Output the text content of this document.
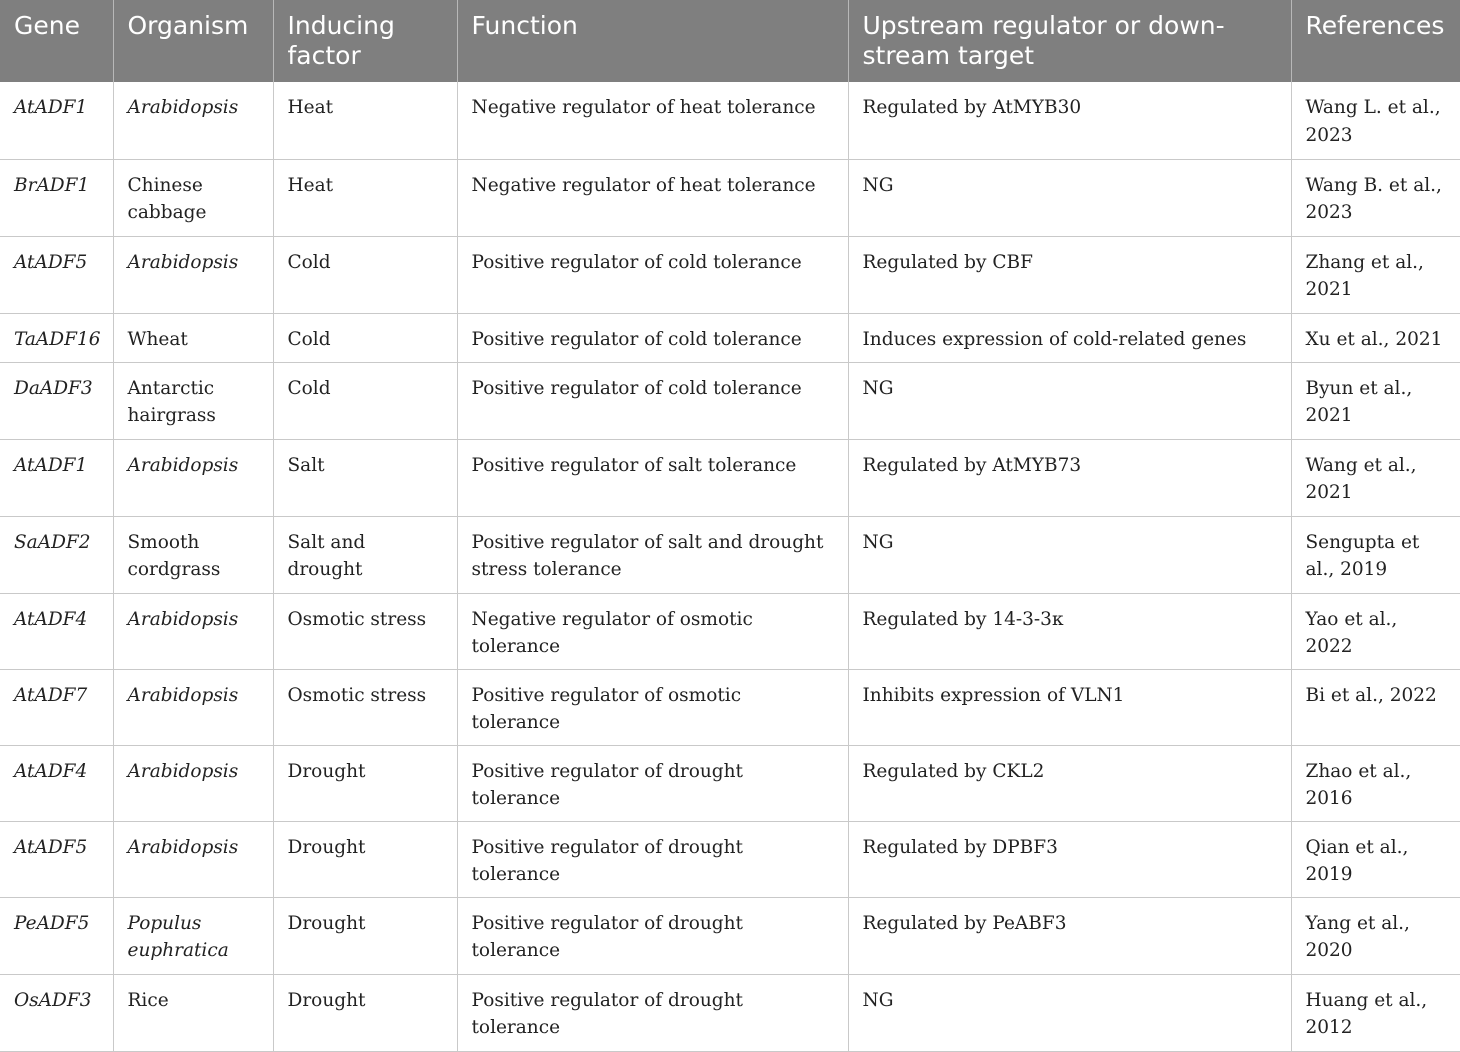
Gene	Organism	Inducing factor	Function	Upstream regulator or down-stream target	References
AtADF1	Arabidopsis	Heat	Negative regulator of heat tolerance	Regulated by AtMYB30	Wang L. et al., 2023
BrADF1	Chinese cabbage	Heat	Negative regulator of heat tolerance	NG	Wang B. et al., 2023
AtADF5	Arabidopsis	Cold	Positive regulator of cold tolerance	Regulated by CBF	Zhang et al., 2021
TaADF16	Wheat	Cold	Positive regulator of cold tolerance	Induces expression of cold-related genes	Xu et al., 2021
DaADF3	Antarctic hairgrass	Cold	Positive regulator of cold tolerance	NG	Byun et al., 2021
AtADF1	Arabidopsis	Salt	Positive regulator of salt tolerance	Regulated by AtMYB73	Wang et al., 2021
SaADF2	Smooth cordgrass	Salt and drought	Positive regulator of salt and drought stress tolerance	NG	Sengupta et al., 2019
AtADF4	Arabidopsis	Osmotic stress	Negative regulator of osmotic tolerance	Regulated by 14-3-3κ	Yao et al., 2022
AtADF7	Arabidopsis	Osmotic stress	Positive regulator of osmotic tolerance	Inhibits expression of VLN1	Bi et al., 2022
AtADF4	Arabidopsis	Drought	Positive regulator of drought tolerance	Regulated by CKL2	Zhao et al., 2016
AtADF5	Arabidopsis	Drought	Positive regulator of drought tolerance	Regulated by DPBF3	Qian et al., 2019
PeADF5	Populus euphratica	Drought	Positive regulator of drought tolerance	Regulated by PeABF3	Yang et al., 2020
OsADF3	Rice	Drought	Positive regulator of drought tolerance	NG	Huang et al., 2012
